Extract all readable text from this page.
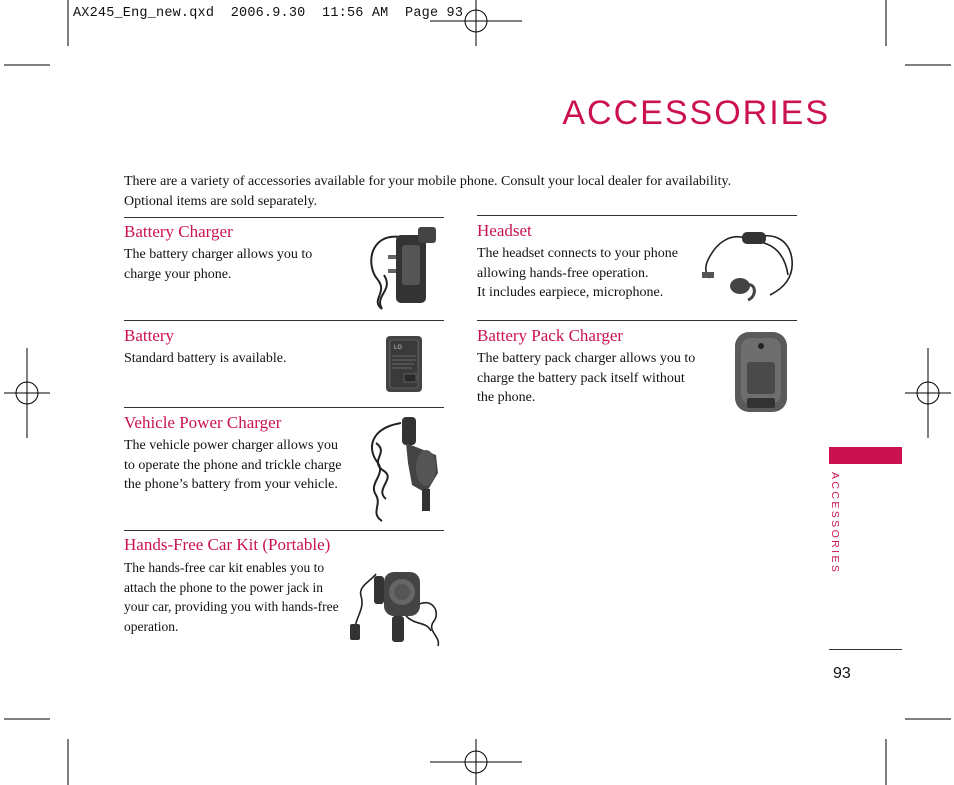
AX245_Eng_new.qxd  2006.9.30  11:56 AM  Page 93
ACCESSORIES
There are a variety of accessories available for your mobile phone. Consult your local dealer for availability.
Optional items are sold separately.
Battery Charger
The battery charger allows you to
charge your phone.
Battery
Standard battery is available.
Vehicle Power Charger
The vehicle power charger allows you
to operate the phone and trickle charge
the phone’s battery from your vehicle.
Hands-Free Car Kit (Portable)
The hands-free car kit enables you to
attach the phone to the power jack in
your car, providing you with hands-free
operation.
Headset
The headset connects to your phone
allowing hands-free operation.
It includes earpiece, microphone.
Battery Pack Charger
The battery pack charger allows you to
charge the battery pack itself without
the phone.
LG
ACCESSORIES
93
